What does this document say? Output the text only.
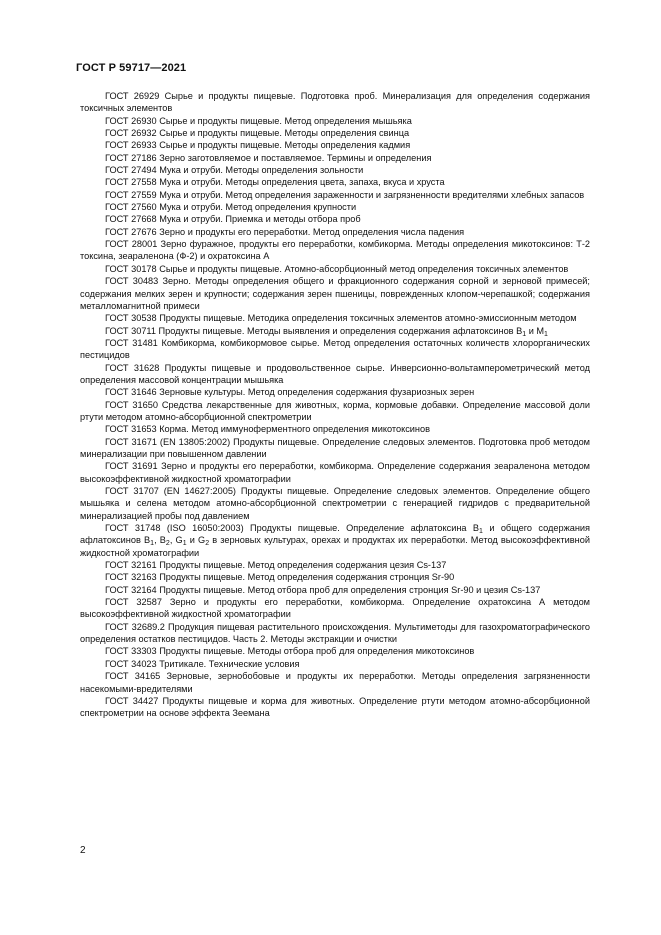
ГОСТ Р 59717—2021

ГОСТ 26929 Сырье и продукты пищевые. Подготовка проб. Минерализация для определения содержания токсичных элементов

ГОСТ 26930 Сырье и продукты пищевые. Метод определения мышьяка

ГОСТ 26932 Сырье и продукты пищевые. Методы определения свинца

ГОСТ 26933 Сырье и продукты пищевые. Методы определения кадмия

ГОСТ 27186 Зерно заготовляемое и поставляемое. Термины и определения

ГОСТ 27494 Мука и отруби. Методы определения зольности

ГОСТ 27558 Мука и отруби. Методы определения цвета, запаха, вкуса и хруста

ГОСТ 27559 Мука и отруби. Метод определения зараженности и загрязненности вредителями хлебных запасов

ГОСТ 27560 Мука и отруби. Метод определения крупности

ГОСТ 27668 Мука и отруби. Приемка и методы отбора проб

ГОСТ 27676 Зерно и продукты его переработки. Метод определения числа падения

ГОСТ 28001 Зерно фуражное, продукты его переработки, комбикорма. Методы определения микотоксинов: Т-2 токсина, зеараленона (Ф-2) и охратоксина А

ГОСТ 30178 Сырье и продукты пищевые. Атомно-абсорбционный метод определения токсичных элементов

ГОСТ 30483 Зерно. Методы определения общего и фракционного содержания сорной и зерновой примесей; содержания мелких зерен и крупности; содержания зерен пшеницы, поврежденных клопом-черепашкой; содержания металломагнитной примеси

ГОСТ 30538 Продукты пищевые. Методика определения токсичных элементов атомно-эмиссионным методом

ГОСТ 30711 Продукты пищевые. Методы выявления и определения содержания афлатоксинов $B_1$ и $M_1$

ГОСТ 31481 Комбикорма, комбикормовое сырье. Метод определения остаточных количеств хлорорганических пестицидов

ГОСТ 31628 Продукты пищевые и продовольственное сырье. Инверсионно-вольтамперометрический метод определения массовой концентрации мышьяка

ГОСТ 31646 Зерновые культуры. Метод определения содержания фузариозных зерен

ГОСТ 31650 Средства лекарственные для животных, корма, кормовые добавки. Определение массовой доли ртути методом атомно-абсорбционной спектрометрии

ГОСТ 31653 Корма. Метод иммуноферментного определения микотоксинов

ГОСТ 31671 (EN 13805:2002) Продукты пищевые. Определение следовых элементов. Подготовка проб методом минерализации при повышенном давлении

ГОСТ 31691 Зерно и продукты его переработки, комбикорма. Определение содержания зеараленона методом высокоэффективной жидкостной хроматографии

ГОСТ 31707 (EN 14627:2005) Продукты пищевые. Определение следовых элементов. Определение общего мышьяка и селена методом атомно-абсорбционной спектрометрии с генерацией гидридов с предварительной минерализацией пробы под давлением

ГОСТ 31748 (ISO 16050:2003) Продукты пищевые. Определение афлатоксина $B_1$ и общего содержания афлатоксинов $B_1$, $B_2$, $G_1$ и $G_2$ в зерновых культурах, орехах и продуктах их переработки. Метод высокоэффективной жидкостной хроматографии

ГОСТ 32161 Продукты пищевые. Метод определения содержания цезия Cs-137

ГОСТ 32163 Продукты пищевые. Метод определения содержания стронция Sr-90

ГОСТ 32164 Продукты пищевые. Метод отбора проб для определения стронция Sr-90 и цезия Cs-137

ГОСТ 32587 Зерно и продукты его переработки, комбикорма. Определение охратоксина А методом высокоэффективной жидкостной хроматографии

ГОСТ 32689.2 Продукция пищевая растительного происхождения. Мультиметоды для газохроматографического определения остатков пестицидов. Часть 2. Методы экстракции и очистки

ГОСТ 33303 Продукты пищевые. Методы отбора проб для определения микотоксинов

ГОСТ 34023 Тритикале. Технические условия

ГОСТ 34165 Зерновые, зернобобовые и продукты их переработки. Методы определения загрязненности насекомыми-вредителями

ГОСТ 34427 Продукты пищевые и корма для животных. Определение ртути методом атомно-абсорбционной спектрометрии на основе эффекта Зеемана

2
